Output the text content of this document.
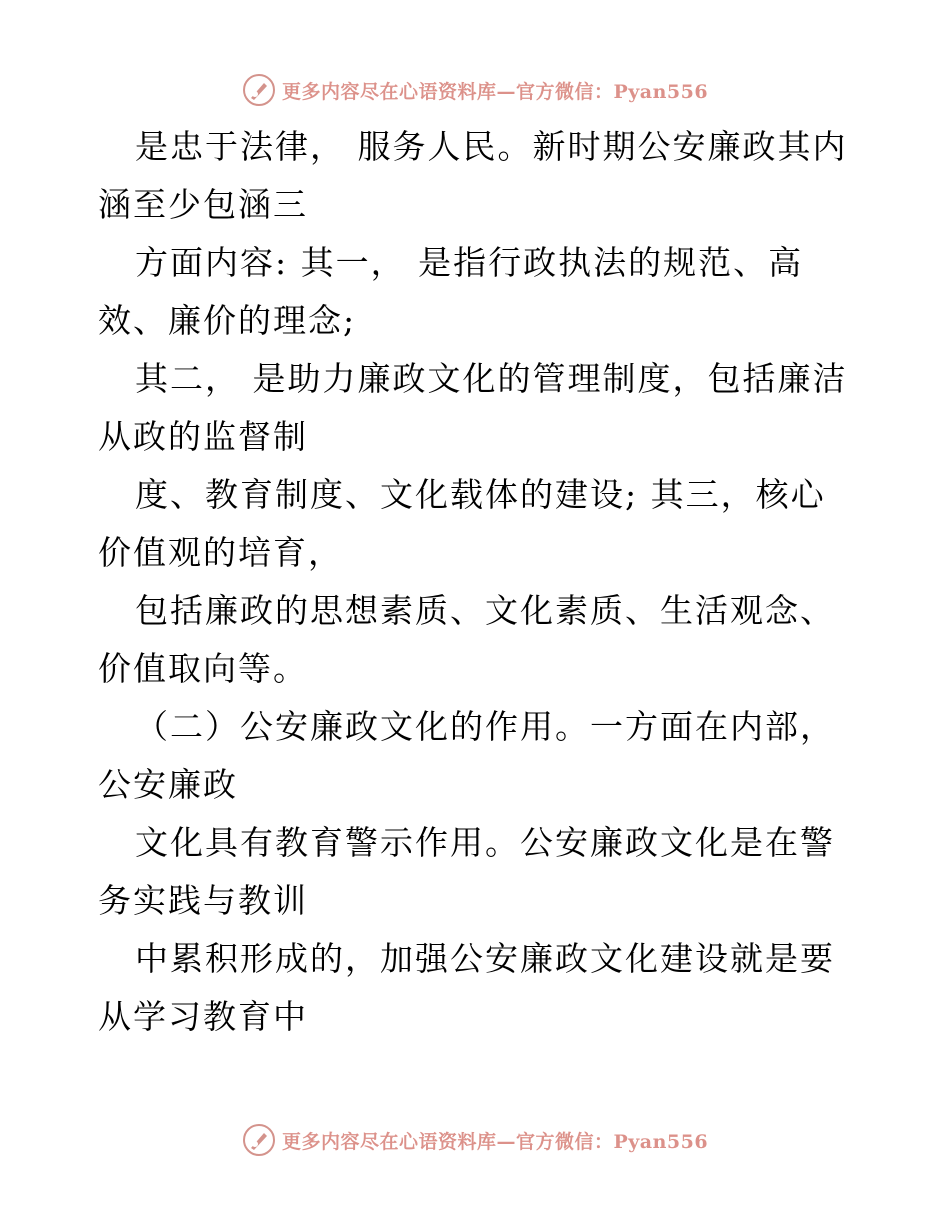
更多内容尽在心语资料库—官方微信：Pyan556

是忠于法律， 服务人民。新时期公安廉政其内涵至少包涵三

方面内容: 其一， 是指行政执法的规范、高效、廉价的理念;

其二， 是助力廉政文化的管理制度，包括廉洁从政的监督制

度、教育制度、文化载体的建设; 其三，核心价值观的培育，

包括廉政的思想素质、文化素质、生活观念、价值取向等。

（二）公安廉政文化的作用。一方面在内部， 公安廉政

文化具有教育警示作用。公安廉政文化是在警务实践与教训

中累积形成的，加强公安廉政文化建设就是要从学习教育中

更多内容尽在心语资料库—官方微信：Pyan556
